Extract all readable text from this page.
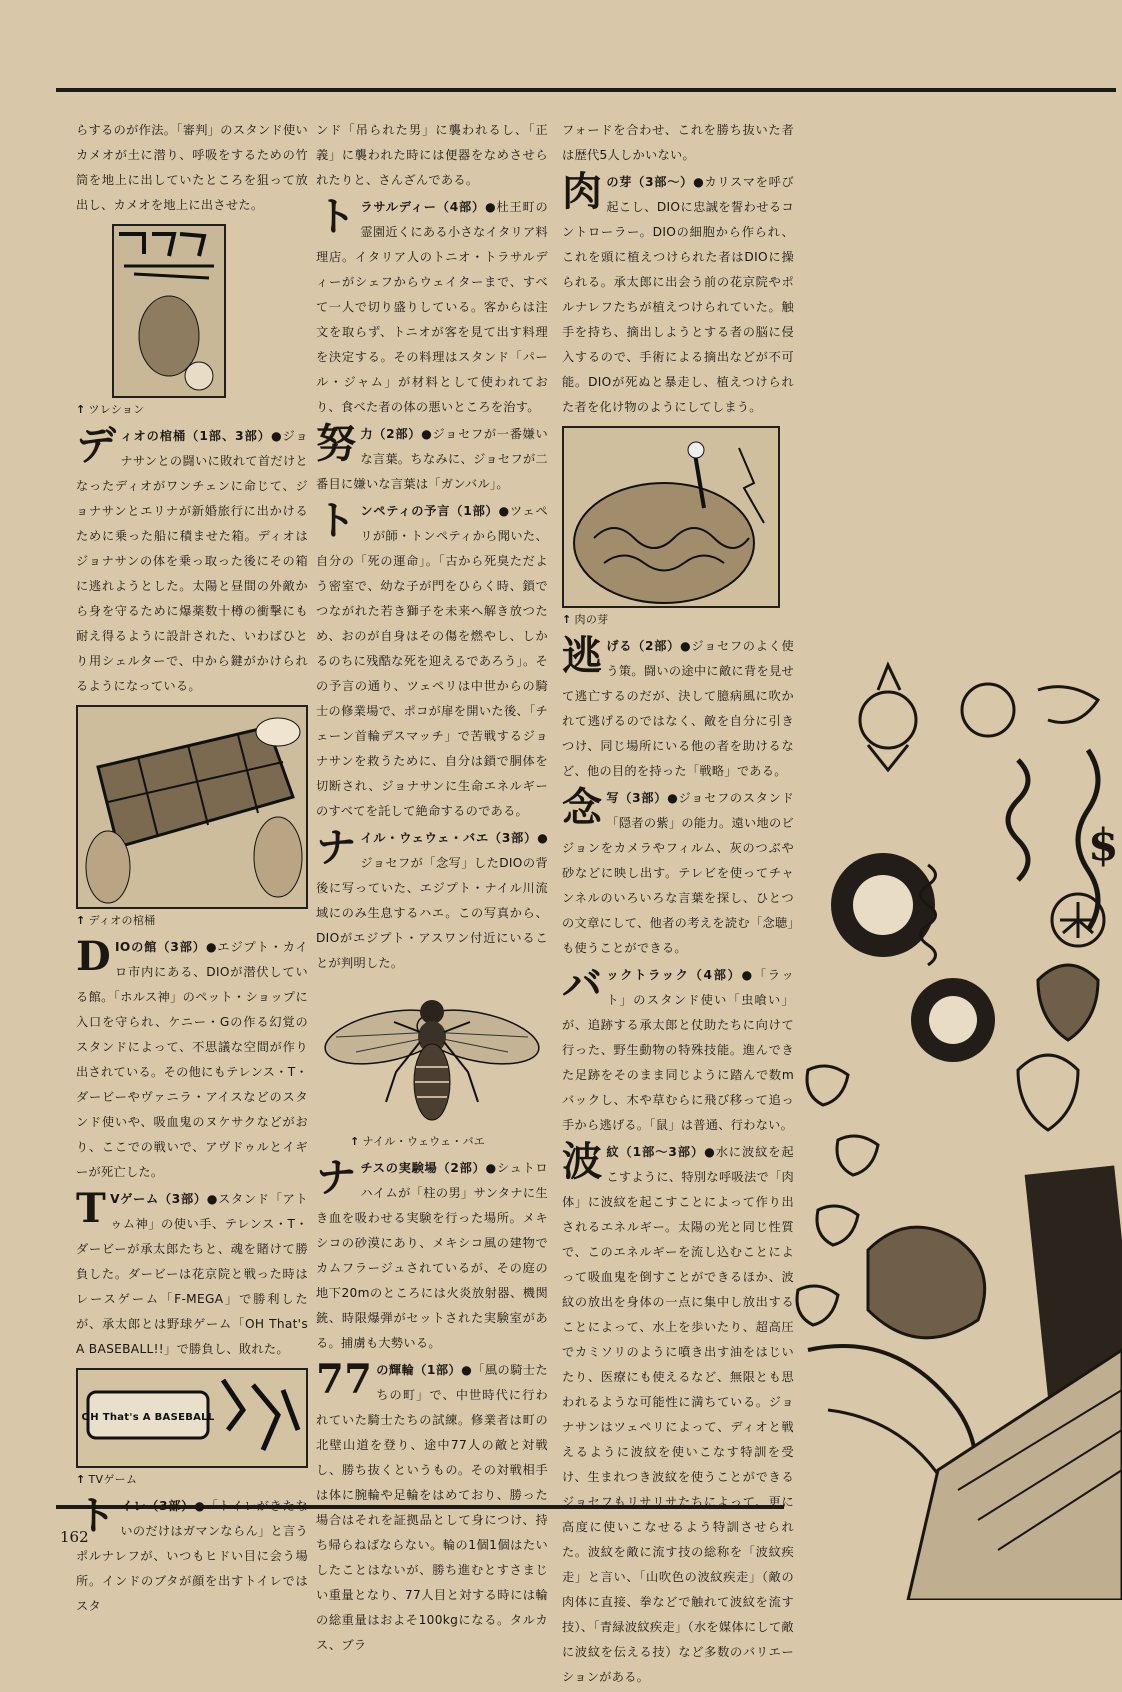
らするのが作法。「審判」のスタンド使いカメオが土に潜り、呼吸をするための竹筒を地上に出していたところを狙って放出し、カメオを地上に出させた。

↑ ツレション
デ ィオの棺桶（1部、3部）●ジョナサンとの闘いに敗れて首だけとなったディオがワンチェンに命じて、ジョナサンとエリナが新婚旅行に出かけるために乗った船に積ませた箱。ディオはジョナサンの体を乗っ取った後にその箱に逃れようとした。太陽と昼間の外敵から身を守るために爆薬数十樽の衝撃にも耐え得るように設計された、いわばひとり用シェルターで、中から鍵がかけられるようになっている。

↑ ディオの棺桶
D IOの館（3部）●エジプト・カイロ市内にある、DIOが潜伏している館。「ホルス神」のペット・ショップに入口を守られ、ケニー・Gの作る幻覚のスタンドによって、不思議な空間が作り出されている。その他にもテレンス・T・ダービーやヴァニラ・アイスなどのスタンド使いや、吸血鬼のヌケサクなどがおり、ここでの戦いで、アヴドゥルとイギーが死亡した。

T Vゲーム（3部）●スタンド「アトゥム神」の使い手、テレンス・T・ダービーが承太郎たちと、魂を賭けて勝負した。ダービーは花京院と戦った時はレースゲーム「F-MEGA」で勝利したが、承太郎とは野球ゲーム「OH That's A BASEBALL!!」で勝負し、敗れた。

OH That's A BASEBALL
↑ TVゲーム
ト イレ（3部）●「トイレがきたないのだけはガマンならん」と言うポルナレフが、いつもヒドい目に会う場所。インドのブタが顔を出すトイレではスタ

ンド「吊られた男」に襲われるし、「正義」に襲われた時には便器をなめさせられたりと、さんざんである。

ト ラサルディー（4部）●杜王町の霊園近くにある小さなイタリア料理店。イタリア人のトニオ・トラサルディーがシェフからウェイターまで、すべて一人で切り盛りしている。客からは注文を取らず、トニオが客を見て出す料理を決定する。その料理はスタンド「パール・ジャム」が材料として使われており、食べた者の体の悪いところを治す。

努 力（2部）●ジョセフが一番嫌いな言葉。ちなみに、ジョセフが二番目に嫌いな言葉は「ガンバル」。

ト ンペティの予言（1部）●ツェペリが師・トンペティから聞いた、自分の「死の運命」。「古から死臭ただよう密室で、幼な子が門をひらく時、鎖でつながれた若き獅子を未来へ解き放つため、おのが自身はその傷を燃やし、しかるのちに残酷な死を迎えるであろう」。その予言の通り、ツェペリは中世からの騎士の修業場で、ポコが扉を開いた後、「チェーン首輪デスマッチ」で苦戦するジョナサンを救うために、自分は鎖で胴体を切断され、ジョナサンに生命エネルギーのすべてを託して絶命するのである。

ナ イル・ウェウェ・バエ（3部）●ジョセフが「念写」したDIOの背後に写っていた、エジプト・ナイル川流域にのみ生息するハエ。この写真から、DIOがエジプト・アスワン付近にいることが判明した。

↑ ナイル・ウェウェ・バエ
ナ チスの実験場（2部）●シュトロハイムが「柱の男」サンタナに生き血を吸わせる実験を行った場所。メキシコの砂漠にあり、メキシコ風の建物でカムフラージュされているが、その庭の地下20mのところには火炎放射器、機関銃、時限爆弾がセットされた実験室がある。捕虜も大勢いる。

77 の輝輪（1部）●「風の騎士たちの町」で、中世時代に行われていた騎士たちの試練。修業者は町の北壁山道を登り、途中77人の敵と対戦し、勝ち抜くというもの。その対戦相手は体に腕輪や足輪をはめており、勝った場合はそれを証拠品として身につけ、持ち帰らねばならない。輪の1個1個はたいしたことはないが、勝ち進むとすさまじい重量となり、77人目と対する時には輪の総重量はおよそ100kgになる。タルカス、ブラ

フォードを合わせ、これを勝ち抜いた者は歴代5人しかいない。

肉 の芽（3部〜）●カリスマを呼び起こし、DIOに忠誠を誓わせるコントローラー。DIOの細胞から作られ、これを頭に植えつけられた者はDIOに操られる。承太郎に出会う前の花京院やポルナレフたちが植えつけられていた。触手を持ち、摘出しようとする者の脳に侵入するので、手術による摘出などが不可能。DIOが死ぬと暴走し、植えつけられた者を化け物のようにしてしまう。

↑ 肉の芽
逃 げる（2部）●ジョセフのよく使う策。闘いの途中に敵に背を見せて逃亡するのだが、決して臆病風に吹かれて逃げるのではなく、敵を自分に引きつけ、同じ場所にいる他の者を助けるなど、他の目的を持った「戦略」である。

念 写（3部）●ジョセフのスタンド「隠者の紫」の能力。遠い地のビジョンをカメラやフィルム、灰のつぶや砂などに映し出す。テレビを使ってチャンネルのいろいろな言葉を探し、ひとつの文章にして、他者の考えを読む「念聴」も使うことができる。

バ ックトラック（4部）●「ラット」のスタンド使い「虫喰い」が、追跡する承太郎と仗助たちに向けて行った、野生動物の特殊技能。進んできた足跡をそのまま同じように踏んで数mバックし、木や草むらに飛び移って追っ手から逃げる。「鼠」は普通、行わない。

波 紋（1部〜3部）●水に波紋を起こすように、特別な呼吸法で「肉体」に波紋を起こすことによって作り出されるエネルギー。太陽の光と同じ性質で、このエネルギーを流し込むことによって吸血鬼を倒すことができるほか、波紋の放出を身体の一点に集中し放出することによって、水上を歩いたり、超高圧でカミソリのように噴き出す油をはじいたり、医療にも使えるなど、無限とも思われるような可能性に満ちている。ジョナサンはツェペリによって、ディオと戦えるように波紋を使いこなす特訓を受け、生まれつき波紋を使うことができるジョセフもリサリサたちによって、更に高度に使いこなせるよう特訓させられた。波紋を敵に流す技の総称を「波紋疾走」と言い、「山吹色の波紋疾走」（敵の肉体に直接、拳などで触れて波紋を流す技）、「青緑波紋疾走」（水を媒体にして敵に波紋を伝える技）など多数のバリエーションがある。

$
162
